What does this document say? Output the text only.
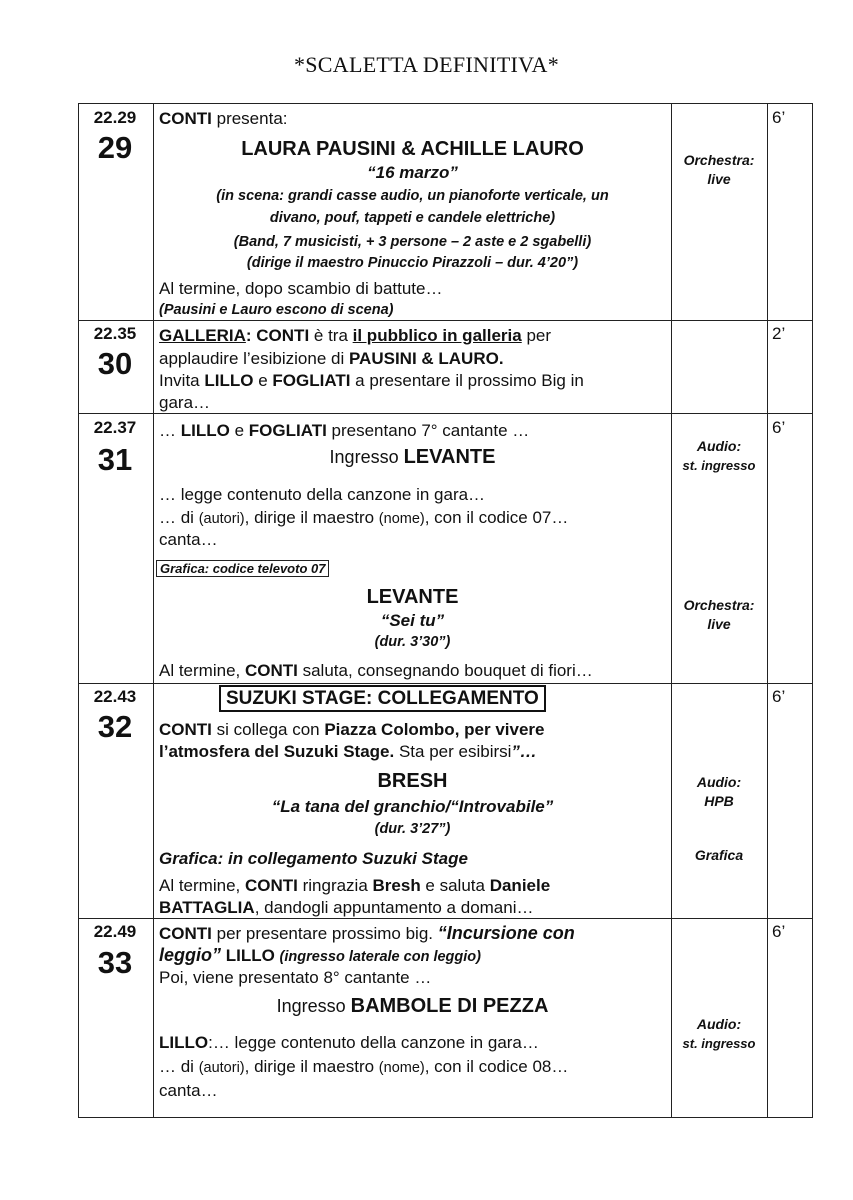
*SCALETTA DEFINITIVA*
22.29
29
6’
Orchestra:
live
CONTI presenta:
LAURA PAUSINI & ACHILLE LAURO
“16 marzo”
(in scena: grandi casse audio, un pianoforte verticale, un
divano, pouf, tappeti e candele elettriche)
(Band, 7 musicisti, + 3 persone – 2 aste e 2 sgabelli)
(dirige il maestro Pinuccio Pirazzoli – dur. 4’20”)
Al termine, dopo scambio di battute…
(Pausini e Lauro escono di scena)
22.35
30
2’
GALLERIA: CONTI è tra il pubblico in galleria per
applaudire l’esibizione di PAUSINI & LAURO.
Invita LILLO e FOGLIATI a presentare il prossimo Big in
gara…
22.37
31
6’
Audio:
st. ingresso
Orchestra:
live
… LILLO e FOGLIATI presentano 7° cantante …
Ingresso LEVANTE
… legge contenuto della canzone in gara…
… di (autori), dirige il maestro (nome), con il codice 07…
canta…
Grafica: codice televoto 07
LEVANTE
“Sei tu”
(dur. 3’30”)
Al termine, CONTI saluta, consegnando bouquet di fiori…
22.43
32
6’
Audio:
HPB
Grafica
SUZUKI STAGE: COLLEGAMENTO
CONTI si collega con Piazza Colombo, per vivere
l’atmosfera del Suzuki Stage. Sta per esibirsi”…
BRESH
“La tana del granchio/“Introvabile”
(dur. 3’27”)
Grafica: in collegamento Suzuki Stage
Al termine, CONTI ringrazia Bresh e saluta Daniele
BATTAGLIA, dandogli appuntamento a domani…
22.49
33
6’
Audio:
st. ingresso
CONTI per presentare prossimo big. “Incursione con
leggio” LILLO (ingresso laterale con leggio)
Poi, viene presentato 8° cantante …
Ingresso BAMBOLE DI PEZZA
LILLO:… legge contenuto della canzone in gara…
… di (autori), dirige il maestro (nome), con il codice 08…
canta…
